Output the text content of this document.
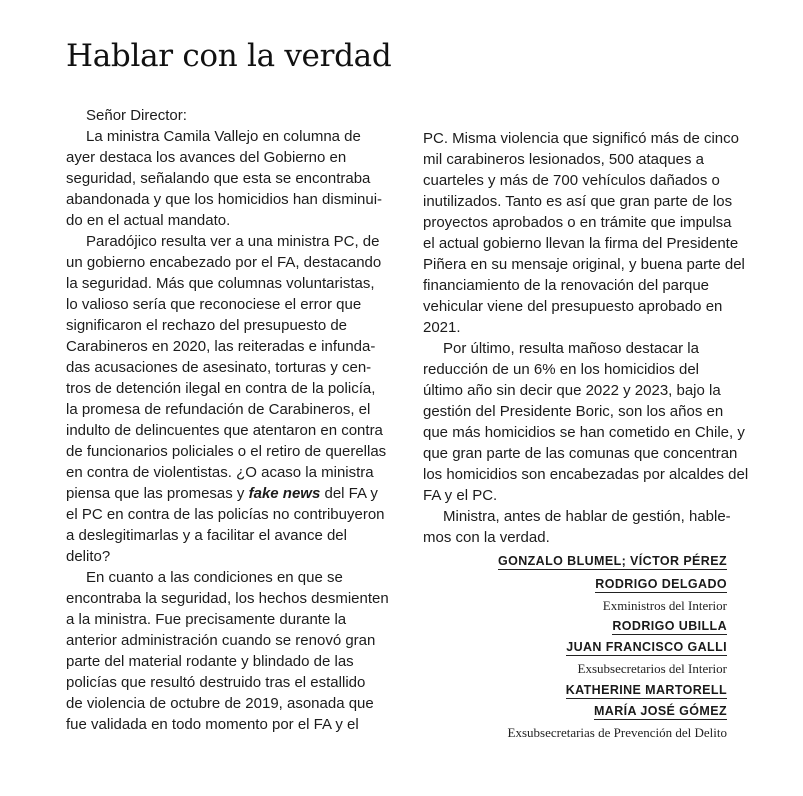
Hablar con la verdad
Señor Director:
La ministra Camila Vallejo en columna de
ayer destaca los avances del Gobierno en
seguridad, señalando que esta se encontraba
abandonada y que los homicidios han disminui-
do en el actual mandato.
Paradójico resulta ver a una ministra PC, de
un gobierno encabezado por el FA, destacando
la seguridad. Más que columnas voluntaristas,
lo valioso sería que reconociese el error que
significaron el rechazo del presupuesto de
Carabineros en 2020, las reiteradas e infunda-
das acusaciones de asesinato, torturas y cen-
tros de detención ilegal en contra de la policía,
la promesa de refundación de Carabineros, el
indulto de delincuentes que atentaron en contra
de funcionarios policiales o el retiro de querellas
en contra de violentistas. ¿O acaso la ministra
piensa que las promesas y fake news del FA y
el PC en contra de las policías no contribuyeron
a deslegitimarlas y a facilitar el avance del
delito?
En cuanto a las condiciones en que se
encontraba la seguridad, los hechos desmienten
a la ministra. Fue precisamente durante la
anterior administración cuando se renovó gran
parte del material rodante y blindado de las
policías que resultó destruido tras el estallido
de violencia de octubre de 2019, asonada que
fue validada en todo momento por el FA y el
PC. Misma violencia que significó más de cinco
mil carabineros lesionados, 500 ataques a
cuarteles y más de 700 vehículos dañados o
inutilizados. Tanto es así que gran parte de los
proyectos aprobados o en trámite que impulsa
el actual gobierno llevan la firma del Presidente
Piñera en su mensaje original, y buena parte del
financiamiento de la renovación del parque
vehicular viene del presupuesto aprobado en
2021.
Por último, resulta mañoso destacar la
reducción de un 6% en los homicidios del
último año sin decir que 2022 y 2023, bajo la
gestión del Presidente Boric, son los años en
que más homicidios se han cometido en Chile, y
que gran parte de las comunas que concentran
los homicidios son encabezadas por alcaldes del
FA y el PC.
Ministra, antes de hablar de gestión, hable-
mos con la verdad.
GONZALO BLUMEL; VÍCTOR PÉREZ
RODRIGO DELGADO
Exministros del Interior
RODRIGO UBILLA
JUAN FRANCISCO GALLI
Exsubsecretarios del Interior
KATHERINE MARTORELL
MARÍA JOSÉ GÓMEZ
Exsubsecretarias de Prevención del Delito
